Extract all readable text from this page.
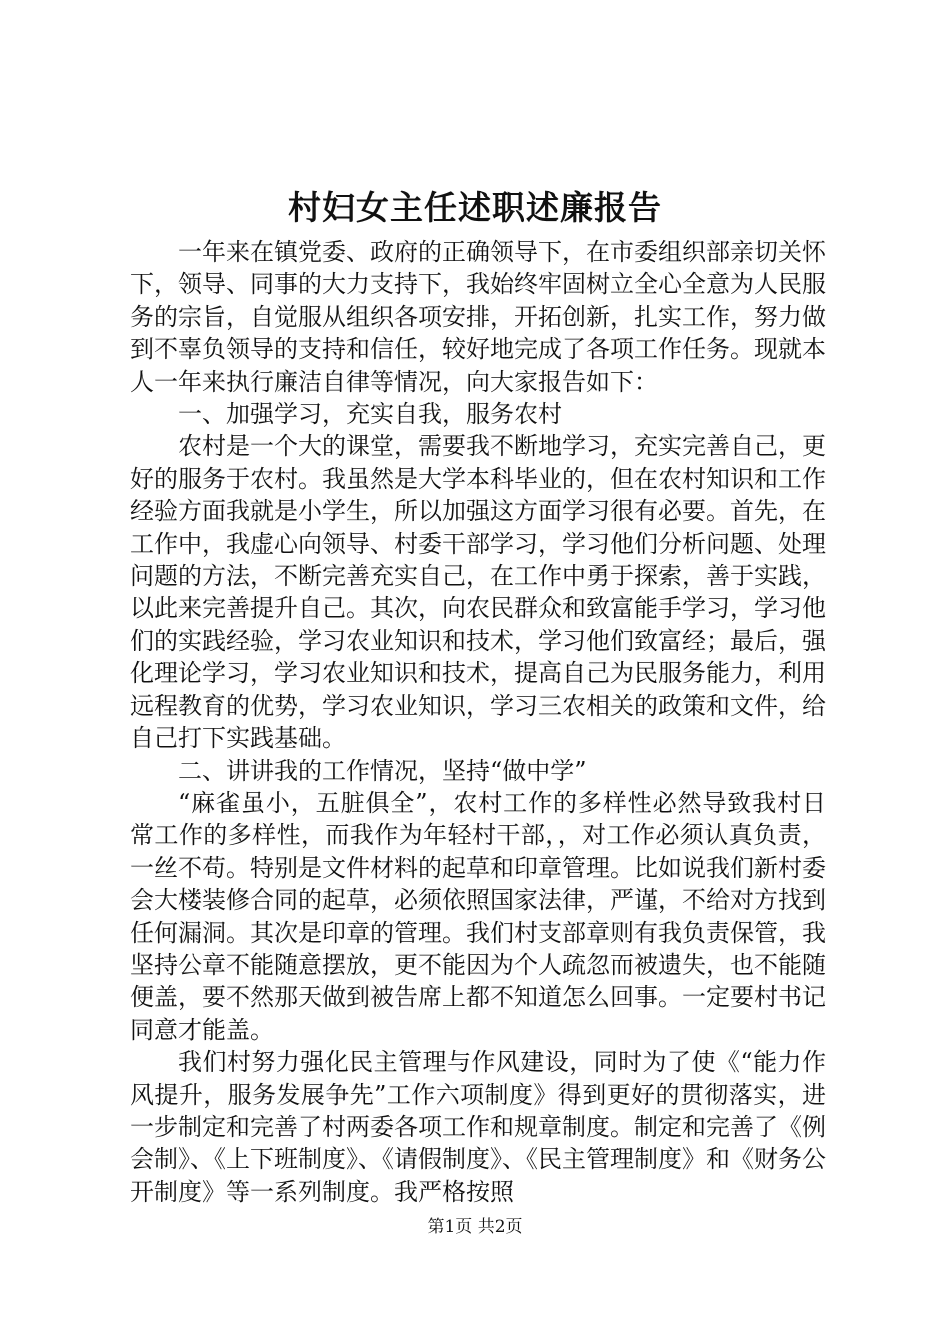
村妇女主任述职述廉报告

一年来在镇党委、政府的正确领导下，在市委组织部亲切关怀下，领导、同事的大力支持下，我始终牢固树立全心全意为人民服务的宗旨，自觉服从组织各项安排，开拓创新，扎实工作，努力做到不辜负领导的支持和信任，较好地完成了各项工作任务。现就本人一年来执行廉洁自律等情况，向大家报告如下：

一、加强学习，充实自我，服务农村

农村是一个大的课堂，需要我不断地学习，充实完善自己，更好的服务于农村。我虽然是大学本科毕业的，但在农村知识和工作经验方面我就是小学生，所以加强这方面学习很有必要。首先，在工作中，我虚心向领导、村委干部学习，学习他们分析问题、处理问题的方法，不断完善充实自己，在工作中勇于探索，善于实践，以此来完善提升自己。其次，向农民群众和致富能手学习，学习他们的实践经验，学习农业知识和技术，学习他们致富经；最后，强化理论学习，学习农业知识和技术，提高自己为民服务能力，利用远程教育的优势，学习农业知识，学习三农相关的政策和文件，给自己打下实践基础。

二、讲讲我的工作情况，坚持“做中学”

“麻雀虽小，五脏俱全”，农村工作的多样性必然导致我村日常工作的多样性，而我作为年轻村干部，，对工作必须认真负责，一丝不苟。特别是文件材料的起草和印章管理。比如说我们新村委会大楼装修合同的起草，必须依照国家法律，严谨，不给对方找到任何漏洞。其次是印章的管理。我们村支部章则有我负责保管，我坚持公章不能随意摆放，更不能因为个人疏忽而被遗失，也不能随便盖，要不然那天做到被告席上都不知道怎么回事。一定要村书记同意才能盖。

我们村努力强化民主管理与作风建设，同时为了使《“能力作风提升，服务发展争先”工作六项制度》得到更好的贯彻落实，进一步制定和完善了村两委各项工作和规章制度。制定和完善了《例会制》、《上下班制度》、《请假制度》、《民主管理制度》和《财务公开制度》等一系列制度。我严格按照

第1页 共2页
